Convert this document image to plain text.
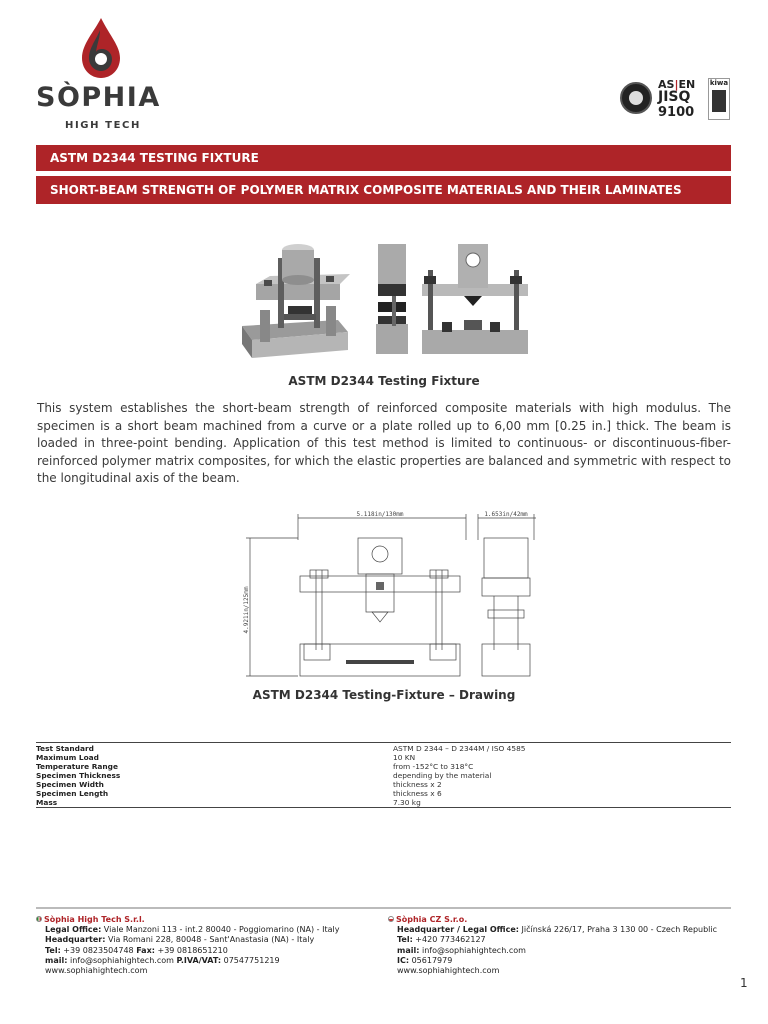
SÒPHIA
HIGH TECH
AS|EN
JISQ
9100
kiwa
ASTM D2344 TESTING FIXTURE
SHORT-BEAM STRENGTH OF POLYMER MATRIX COMPOSITE MATERIALS AND THEIR LAMINATES
ASTM D2344 Testing Fixture
This system establishes the short-beam strength of reinforced composite materials with high modulus. The specimen is a short beam machined from a curve or a plate rolled up to 6,00 mm [0.25 in.] thick. The beam is loaded in three-point bending. Application of this test method is limited to continuous- or discontinuous-fiber-reinforced polymer matrix composites, for which the elastic properties are balanced and symmetric with respect to the longitudinal axis of the beam.
5.118in/130mm	1.653in/42mm
4.921in/125mm
ASTM D2344 Testing-Fixture – Drawing
Test Standard	ASTM D 2344 – D 2344M / ISO 4585
Maximum Load	10 KN
Temperature Range	from -152°C to 318°C
Specimen Thickness	depending by the material
Specimen Width	thickness x 2
Specimen Length	thickness x 6
Mass	7.30 kg
Sòphia High Tech S.r.l.
Legal Office: Viale Manzoni 113 - int.2 80040 - Poggiomarino (NA) - Italy
Headquarter: Via Romani 228, 80048 - Sant'Anastasia (NA) - Italy
Tel: +39 0823504748 Fax: +39 0818651210
mail: info@sophiahightech.com P.IVA/VAT: 07547751219
www.sophiahightech.com
Sòphia CZ S.r.o.
Headquarter / Legal Office: Jičínská 226/17, Praha 3 130 00 - Czech Republic
Tel: +420 773462127
mail: info@sophiahightech.com
IC: 05617979
www.sophiahightech.com
1
